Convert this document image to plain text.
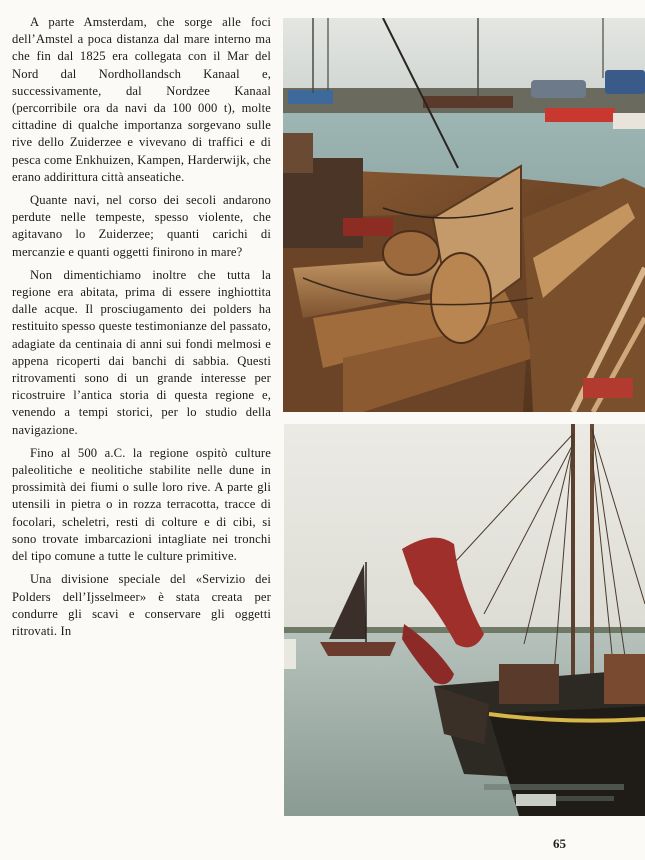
A parte Amsterdam, che sorge alle foci dell’Amstel a poca distanza dal mare interno ma che fin dal 1825 era collegata con il Mar del Nord dal Nordhollandsch Kanaal e, successivamente, dal Nordzee Kanaal (percorribile ora da navi da 100 000 t), molte cittadine di qualche importanza sorgevano sulle rive dello Zuiderzee e vivevano di traffici e di pesca come Enkhuizen, Kampen, Harderwijk, che erano addirittura città anseatiche.

Quante navi, nel corso dei secoli andarono perdute nelle tempeste, spesso violente, che agitavano lo Zuiderzee; quanti carichi di mercanzie e quanti oggetti finirono in mare?

Non dimentichiamo inoltre che tutta la regione era abitata, prima di essere inghiottita dalle acque. Il prosciugamento dei polders ha restituito spesso queste testimonianze del passato, adagiate da centinaia di anni sui fondi melmosi e appena ricoperti dai banchi di sabbia. Questi ritrovamenti sono di un grande interesse per ricostruire l’antica storia di questa regione e, venendo a tempi storici, per lo studio della navigazione.

Fino al 500 a.C. la regione ospitò culture paleolitiche e neolitiche stabilite nelle dune in prossimità dei fiumi o sulle loro rive. A parte gli utensili in pietra o in rozza terracotta, tracce di focolari, scheletri, resti di colture e di cibi, si sono trovate imbarcazioni intagliate nei tronchi del tipo comune a tutte le culture primitive.

Una divisione speciale del «Servizio dei Polders dell’Ijsselmeer» è stata creata per condurre gli scavi e conservare gli oggetti ritrovati. In

65
